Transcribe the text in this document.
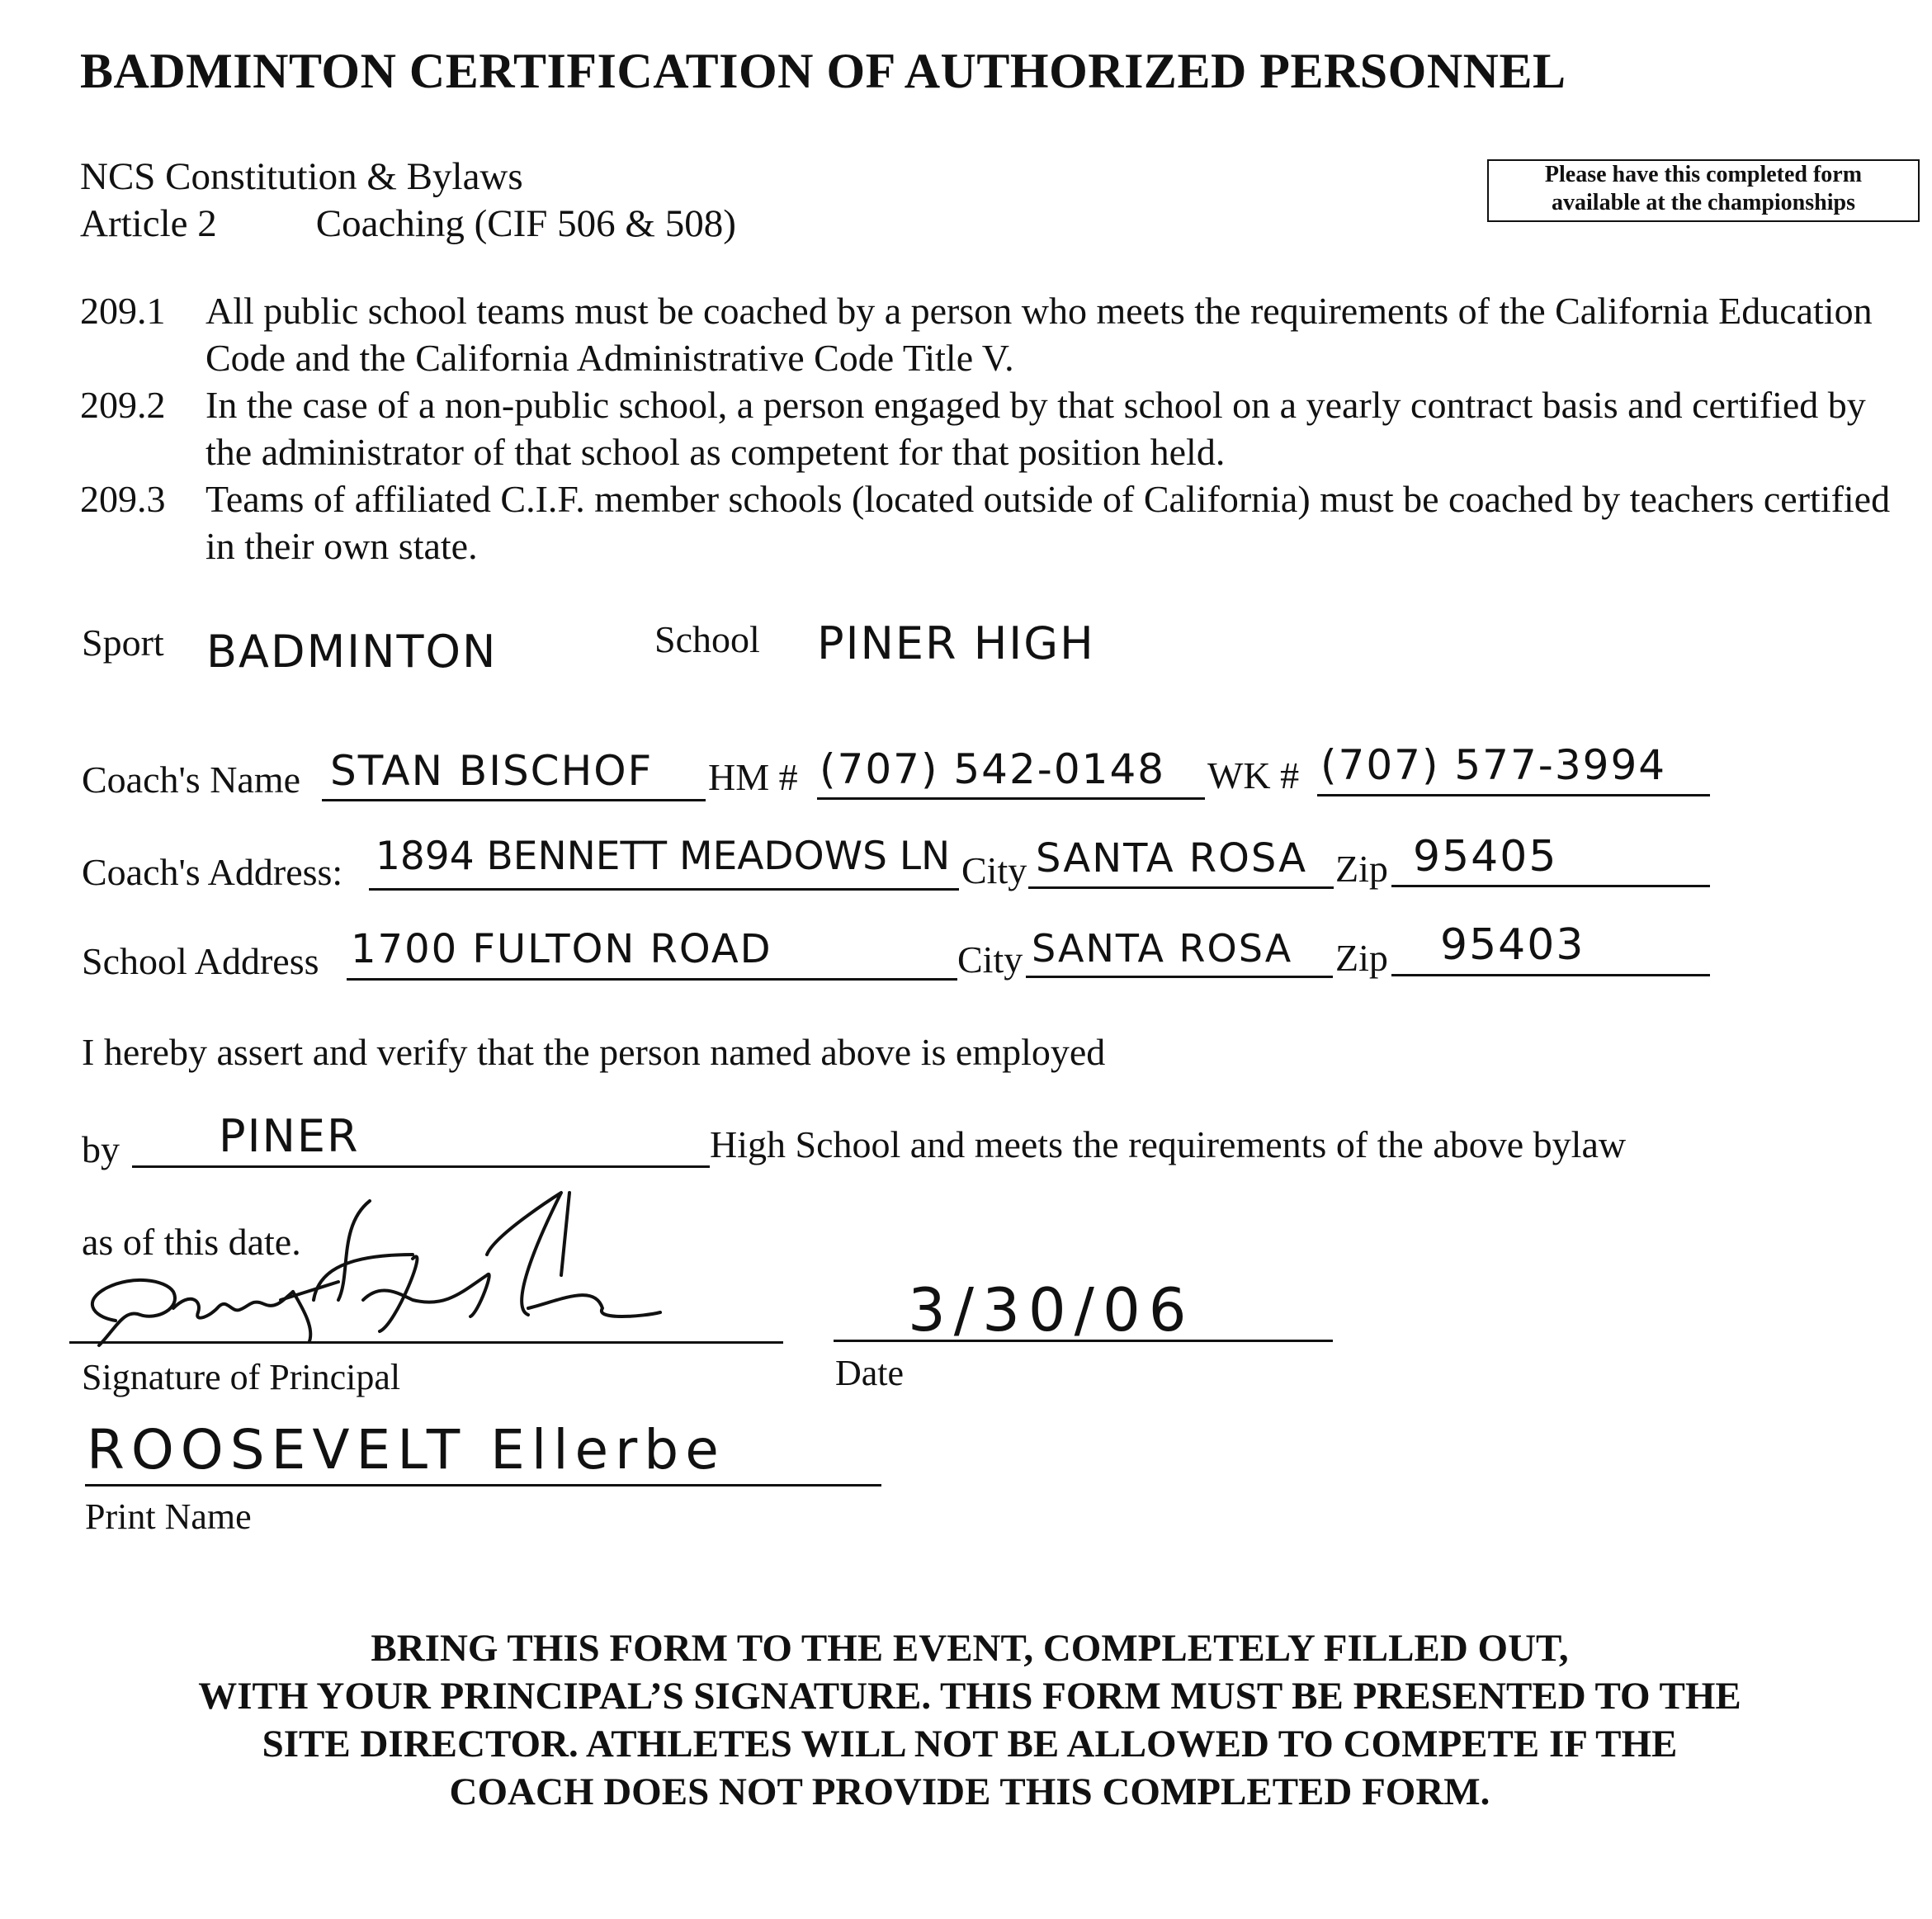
BADMINTON CERTIFICATION OF AUTHORIZED PERSONNEL
NCS Constitution & Bylaws
Article 2	Coaching (CIF 506 & 508)
Please have this completed form
available at the championships
209.1 All public school teams must be coached by a person who meets the requirements of the California Education Code and the California Administrative Code Title V.
209.2 In the case of a non-public school, a person engaged by that school on a yearly contract basis and certified by the administrator of that school as competent for that position held.
209.3 Teams of affiliated C.I.F. member schools (located outside of California) must be coached by teachers certified in their own state.
Sport BADMINTON	School PINER HIGH
Coach's Name STAN BISCHOF HM # (707) 542-0148 WK # (707) 577-3994
Coach's Address: 1894 BENNETT MEADOWS LN City SANTA ROSA Zip 95405
School Address 1700 FULTON ROAD	City SANTA ROSA Zip 95403
I hereby assert and verify that the person named above is employed
by PINER	High School and meets the requirements of the above bylaw
as of this date.
Signature of Principal
3/30/06
Date
ROOSEVELT Ellerbe
Print Name
BRING THIS FORM TO THE EVENT, COMPLETELY FILLED OUT,
WITH YOUR PRINCIPAL’S SIGNATURE. THIS FORM MUST BE PRESENTED TO THE
SITE DIRECTOR. ATHLETES WILL NOT BE ALLOWED TO COMPETE IF THE
COACH DOES NOT PROVIDE THIS COMPLETED FORM.
